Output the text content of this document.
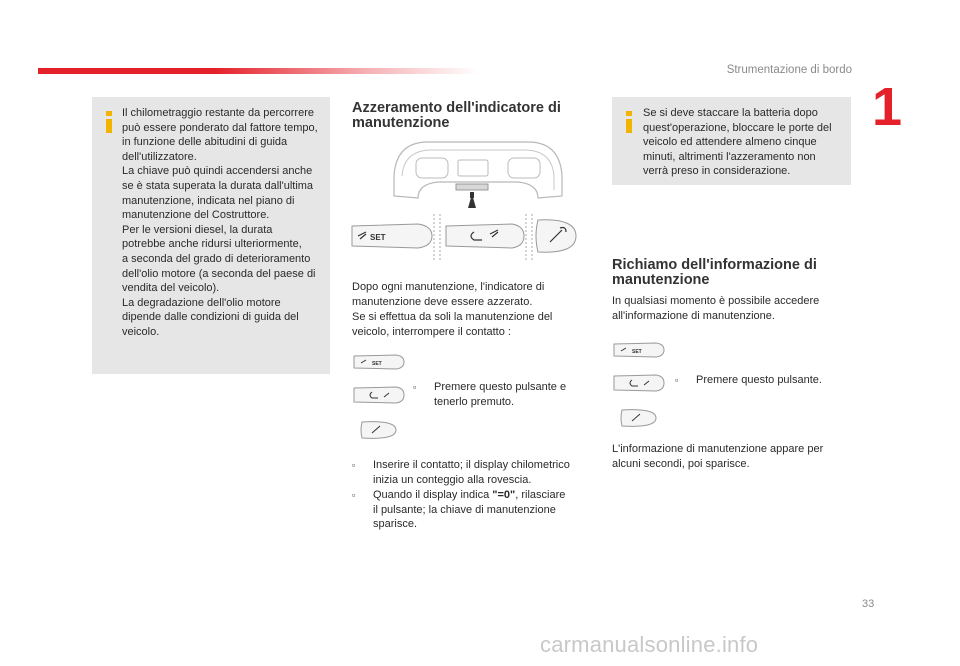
Strumentazione di bordo
1
Il chilometraggio restante da percorrere
può essere ponderato dal fattore tempo,
in funzione delle abitudini di guida
dell'utilizzatore.
La chiave può quindi accendersi anche
se è stata superata la durata dall'ultima
manutenzione, indicata nel piano di
manutenzione del Costruttore.
Per le versioni diesel, la durata
potrebbe anche ridursi ulteriormente,
a seconda del grado di deterioramento
dell'olio motore (a seconda del paese di
vendita del veicolo).
La degradazione dell'olio motore
dipende dalle condizioni di guida del
veicolo.
Azzeramento dell'indicatore di
manutenzione
SET
Dopo ogni manutenzione, l'indicatore di
manutenzione deve essere azzerato.
Se si effettua da soli la manutenzione del
veicolo, interrompere il contatto :
SET
▫ Premere questo pulsante e
tenerlo premuto.
▫ Inserire il contatto; il display chilometrico
inizia un conteggio alla rovescia.
▫ Quando il display indica "=0", rilasciare
il pulsante; la chiave di manutenzione
sparisce.
Se si deve staccare la batteria dopo
quest'operazione, bloccare le porte del
veicolo ed attendere almeno cinque
minuti, altrimenti l'azzeramento non
verrà preso in considerazione.
Richiamo dell'informazione di
manutenzione
In qualsiasi momento è possibile accedere
all'informazione di manutenzione.
SET
▫ Premere questo pulsante.
L'informazione di manutenzione appare per
alcuni secondi, poi sparisce.
33
carmanualsonline.info
